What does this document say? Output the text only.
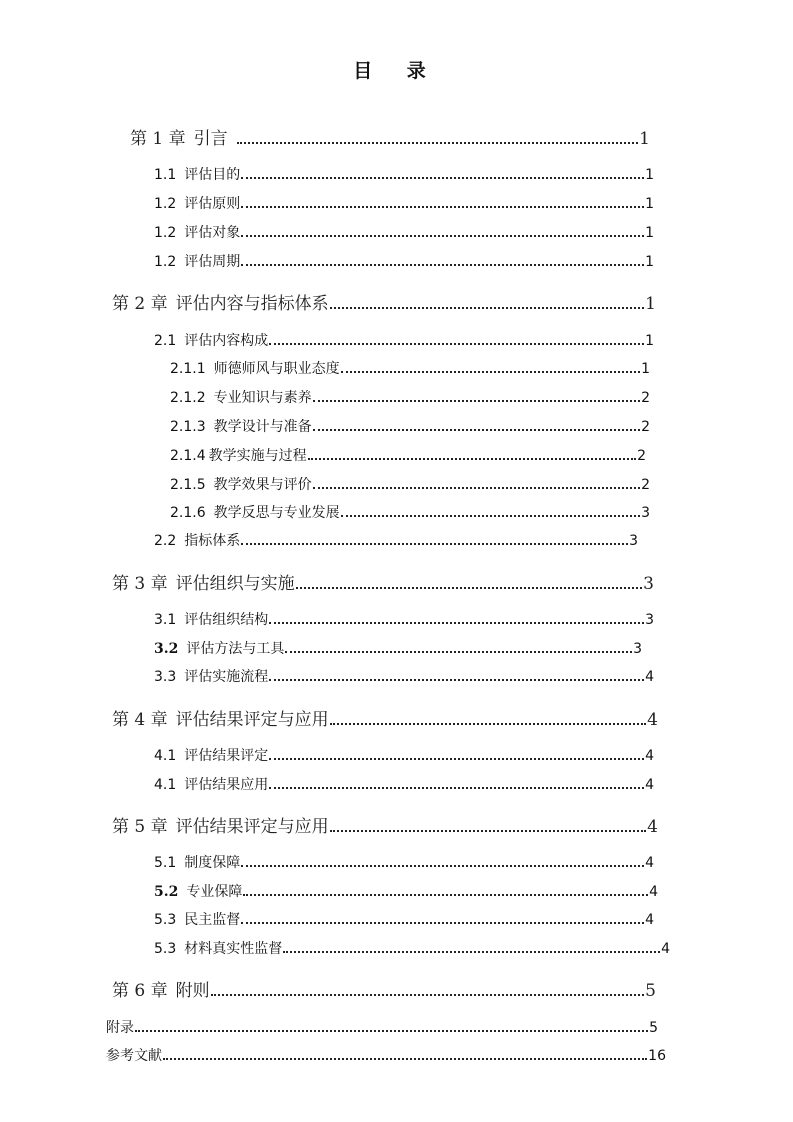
目 录
第 1 章 引言	1
1.1 评估目的	1
1.2 评估原则	1
1.2 评估对象	1
1.2 评估周期	1
第 2 章 评估内容与指标体系	1
2.1 评估内容构成	1
2.1.1 师德师风与职业态度	1
2.1.2 专业知识与素养	2
2.1.3 教学设计与准备	2
2.1.4 教学实施与过程	2
2.1.5 教学效果与评价	2
2.1.6 教学反思与专业发展	3
2.2 指标体系	3
第 3 章 评估组织与实施	3
3.1 评估组织结构	3
3.2 评估方法与工具	3
3.3 评估实施流程	4
第 4 章 评估结果评定与应用	4
4.1 评估结果评定	4
4.1 评估结果应用	4
第 5 章 评估结果评定与应用	4
5.1 制度保障	4
5.2 专业保障	4
5.3 民主监督	4
5.3 材料真实性监督	4
第 6 章 附则	5
附录	5
参考文献	16
